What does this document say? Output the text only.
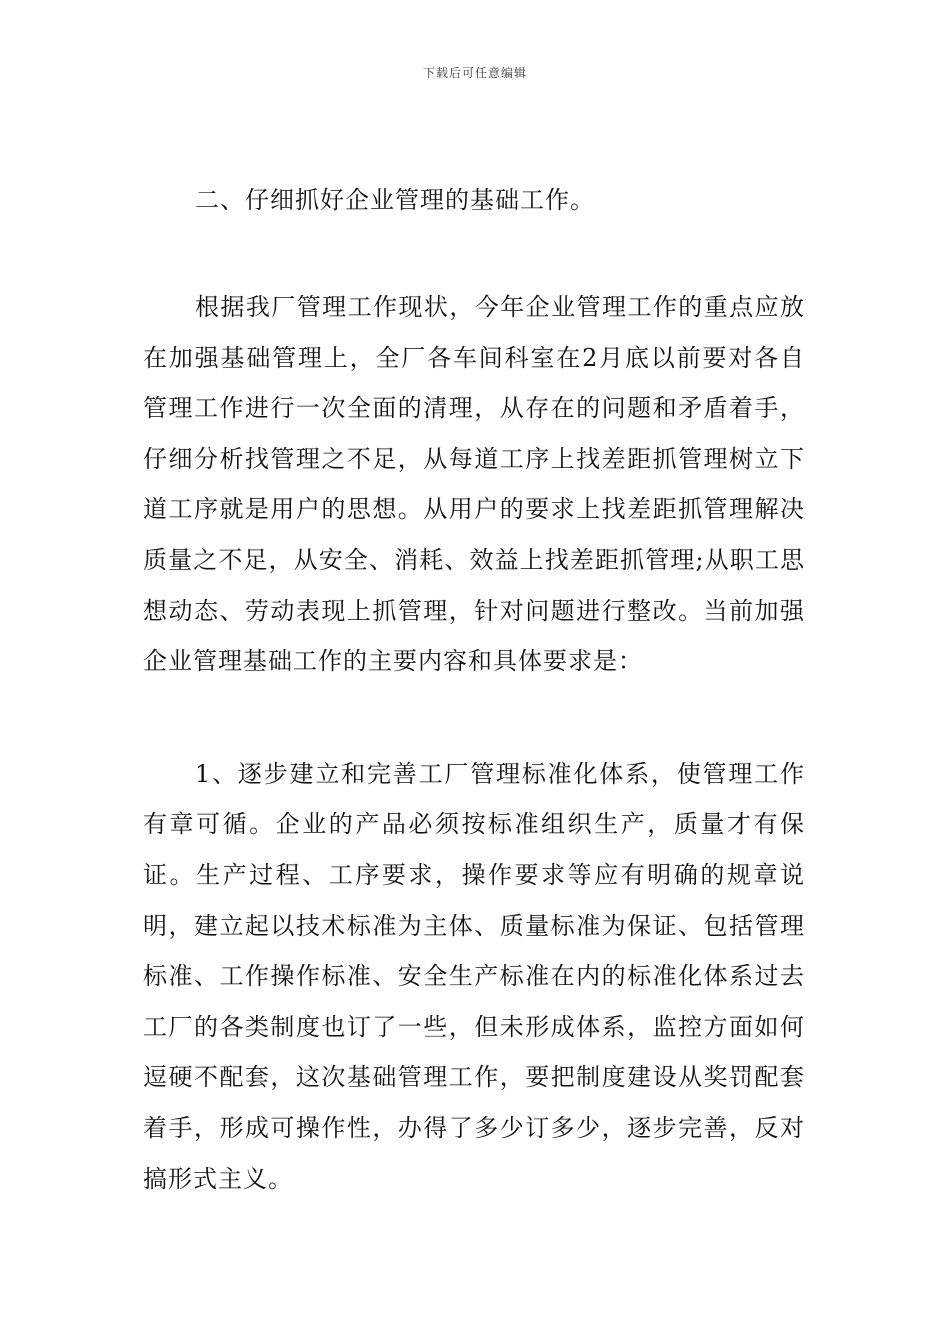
下载后可任意编辑

二、仔细抓好企业管理的基础工作。

根据我厂管理工作现状，今年企业管理工作的重点应放在加强基础管理上，全厂各车间科室在2月底以前要对各自管理工作进行一次全面的清理，从存在的问题和矛盾着手，仔细分析找管理之不足，从每道工序上找差距抓管理树立下道工序就是用户的思想。从用户的要求上找差距抓管理解决质量之不足，从安全、消耗、效益上找差距抓管理;从职工思想动态、劳动表现上抓管理，针对问题进行整改。当前加强企业管理基础工作的主要内容和具体要求是：

1、逐步建立和完善工厂管理标准化体系，使管理工作有章可循。企业的产品必须按标准组织生产，质量才有保证。生产过程、工序要求，操作要求等应有明确的规章说明，建立起以技术标准为主体、质量标准为保证、包括管理标准、工作操作标准、安全生产标准在内的标准化体系过去工厂的各类制度也订了一些，但未形成体系，监控方面如何逗硬不配套，这次基础管理工作，要把制度建设从奖罚配套着手，形成可操作性，办得了多少订多少，逐步完善，反对搞形式主义。
